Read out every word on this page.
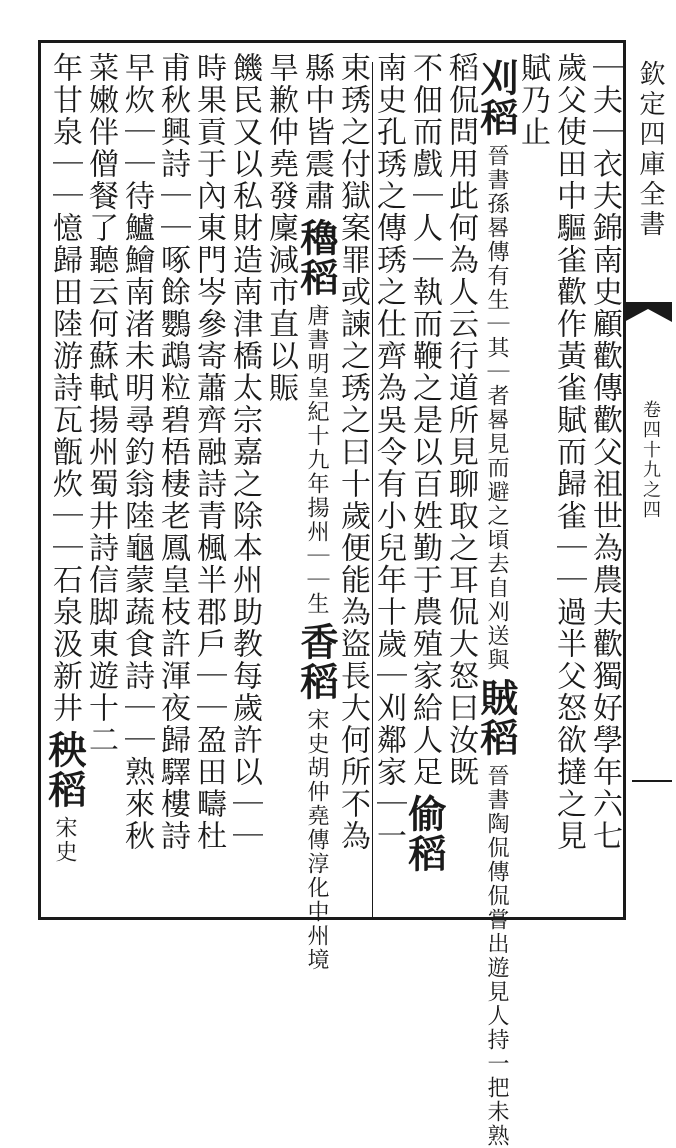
欽定四庫全書
卷四十九之四
｜夫｜衣夫錦南史顧歡傳歡父祖世為農夫歡獨好學年六七
歲父使田中驅雀歡作黃雀賦而歸雀｜｜過半父怒欲撻之見
賦乃止
刈稻晉書孫晷傳有生｜其｜者晷見而避之頃去自刈送與賊稻晉書陶侃傳侃嘗出遊見人持一把未熟
稻侃問用此何為人云行道所見聊取之耳侃大怒曰汝既
不佃而戲｜人｜執而鞭之是以百姓勤于農殖家給人足偷稻
南史孔琇之傳琇之仕齊為吳令有小兒年十歲｜刈鄰家｜一
束琇之付獄案罪或諫之琇之曰十歲便能為盜長大何所不為
縣中皆震肅穭稻唐書明皇紀十九年揚州｜｜生香稻宋史胡仲堯傳淳化中州境
旱歉仲堯發廩減市直以賑
饑民又以私財造南津橋太宗嘉之除本州助教每歲許以｜｜
時果貢于內東門岑參寄蕭齊融詩青楓半郡戶｜｜盈田疇杜
甫秋興詩｜｜啄餘鸚鵡粒碧梧棲老鳳皇枝許渾夜歸驛樓詩
早炊｜｜待鱸鱠南渚未明尋釣翁陸龜蒙蔬食詩｜｜熟來秋
菜嫩伴僧餐了聽云何蘇軾揚州蜀井詩信脚東遊十二
年甘泉｜｜憶歸田陸游詩瓦甑炊｜｜石泉汲新井秧稻宋史
